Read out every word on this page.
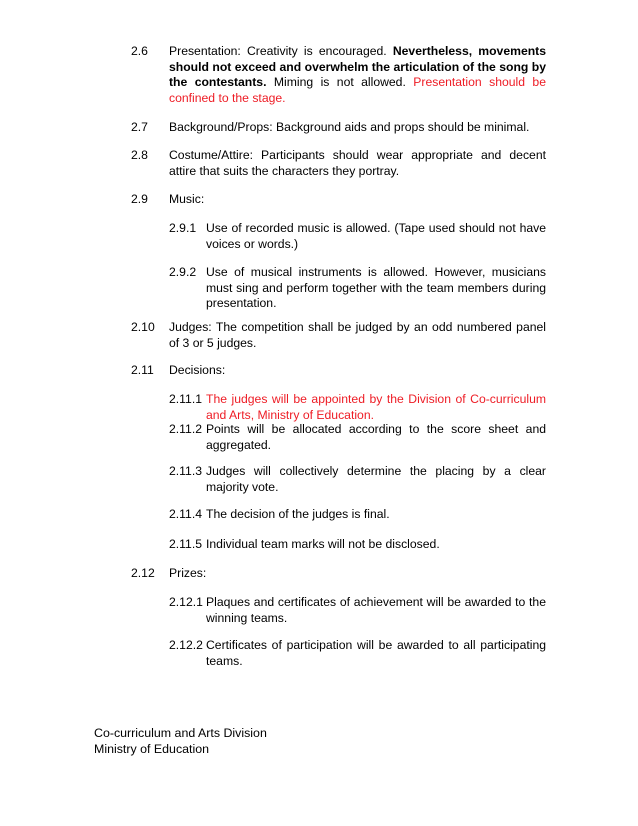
2.6 Presentation: Creativity is encouraged. Nevertheless, movements should not exceed and overwhelm the articulation of the song by the contestants. Miming is not allowed. Presentation should be confined to the stage.
2.7 Background/Props: Background aids and props should be minimal.
2.8 Costume/Attire: Participants should wear appropriate and decent attire that suits the characters they portray.
2.9 Music:
2.9.1 Use of recorded music is allowed. (Tape used should not have voices or words.)
2.9.2 Use of musical instruments is allowed. However, musicians must sing and perform together with the team members during presentation.
2.10 Judges: The competition shall be judged by an odd numbered panel of 3 or 5 judges.
2.11 Decisions:
2.11.1 The judges will be appointed by the Division of Co-curriculum and Arts, Ministry of Education.
2.11.2 Points will be allocated according to the score sheet and aggregated.
2.11.3 Judges will collectively determine the placing by a clear majority vote.
2.11.4 The decision of the judges is final.
2.11.5 Individual team marks will not be disclosed.
2.12 Prizes:
2.12.1 Plaques and certificates of achievement will be awarded to the winning teams.
2.12.2 Certificates of participation will be awarded to all participating teams.
Co-curriculum and Arts Division
Ministry of Education
